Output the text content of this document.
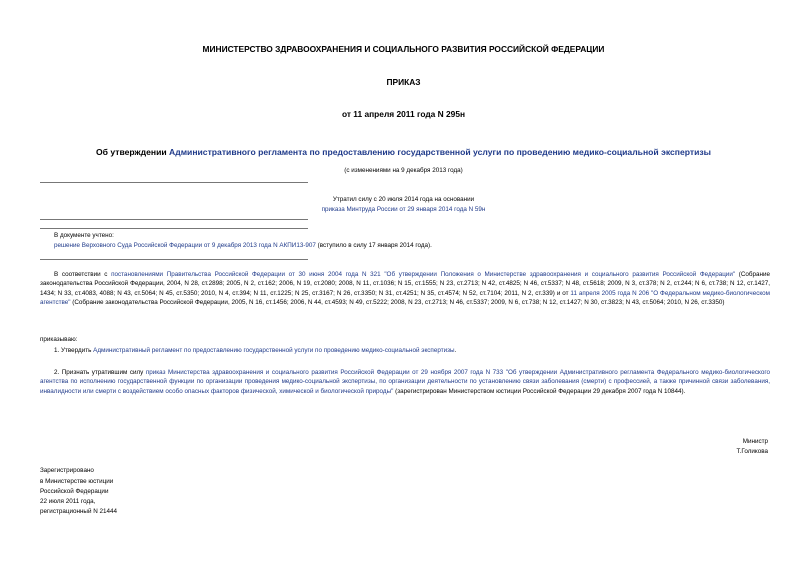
МИНИСТЕРСТВО ЗДРАВООХРАНЕНИЯ И СОЦИАЛЬНОГО РАЗВИТИЯ РОССИЙСКОЙ ФЕДЕРАЦИИ
ПРИКАЗ
от 11 апреля 2011 года N 295н
Об утверждении Административного регламента по предоставлению государственной услуги по проведению медико-социальной экспертизы
(с изменениями на 9 декабря 2013 года)
Утратил силу с 20 июля 2014 года на основании
приказа Минтруда России от 29 января 2014 года N 59н
В документе учтено:
решение Верховного Суда Российской Федерации от 9 декабря 2013 года N АКПИ13-907 (вступило в силу 17 января 2014 года).
В соответствии с постановлениями Правительства Российской Федерации от 30 июня 2004 года N 321 "Об утверждении Положения о Министерстве здравоохранения и социального развития Российской Федерации" (Собрание законодательства Российской Федерации, 2004, N 28, ст.2898; 2005, N 2, ст.162; 2006, N 19, ст.2080; 2008, N 11, ст.1036; N 15, ст.1555; N 23, ст.2713; N 42, ст.4825; N 46, ст.5337; N 48, ст.5618; 2009, N 3, ст.378; N 2, ст.244; N 6, ст.738; N 12, ст.1427, 1434; N 33, ст.4083, 4088; N 43, ст.5064; N 45, ст.5350; 2010, N 4, ст.394; N 11, ст.1225; N 25, ст.3167; N 26, ст.3350; N 31, ст.4251; N 35, ст.4574; N 52, ст.7104; 2011, N 2, ст.339) и от 11 апреля 2005 года N 206 "О Федеральном медико-биологическом агентстве" (Собрание законодательства Российской Федерации, 2005, N 16, ст.1456; 2006, N 44, ст.4593; N 49, ст.5222; 2008, N 23, ст.2713; N 46, ст.5337; 2009, N 6, ст.738; N 12, ст.1427; N 30, ст.3823; N 43, ст.5064; 2010, N 26, ст.3350)
приказываю:
1. Утвердить Административный регламент по предоставлению государственной услуги по проведению медико-социальной экспертизы.
2. Признать утратившим силу приказ Министерства здравоохранения и социального развития Российской Федерации от 29 ноября 2007 года N 733 "Об утверждении Административного регламента Федерального медико-биологического агентства по исполнению государственной функции по организации проведения медико-социальной экспертизы, по организации деятельности по установлению связи заболевания (смерти) с профессией, а также причинной связи заболевания, инвалидности или смерти с воздействием особо опасных факторов физической, химической и биологической природы" (зарегистрирован Министерством юстиции Российской Федерации 29 декабря 2007 года N 10844).
Министр
Т.Голикова
Зарегистрировано
в Министерстве юстиции
Российской Федерации
22 июля 2011 года,
регистрационный N 21444
